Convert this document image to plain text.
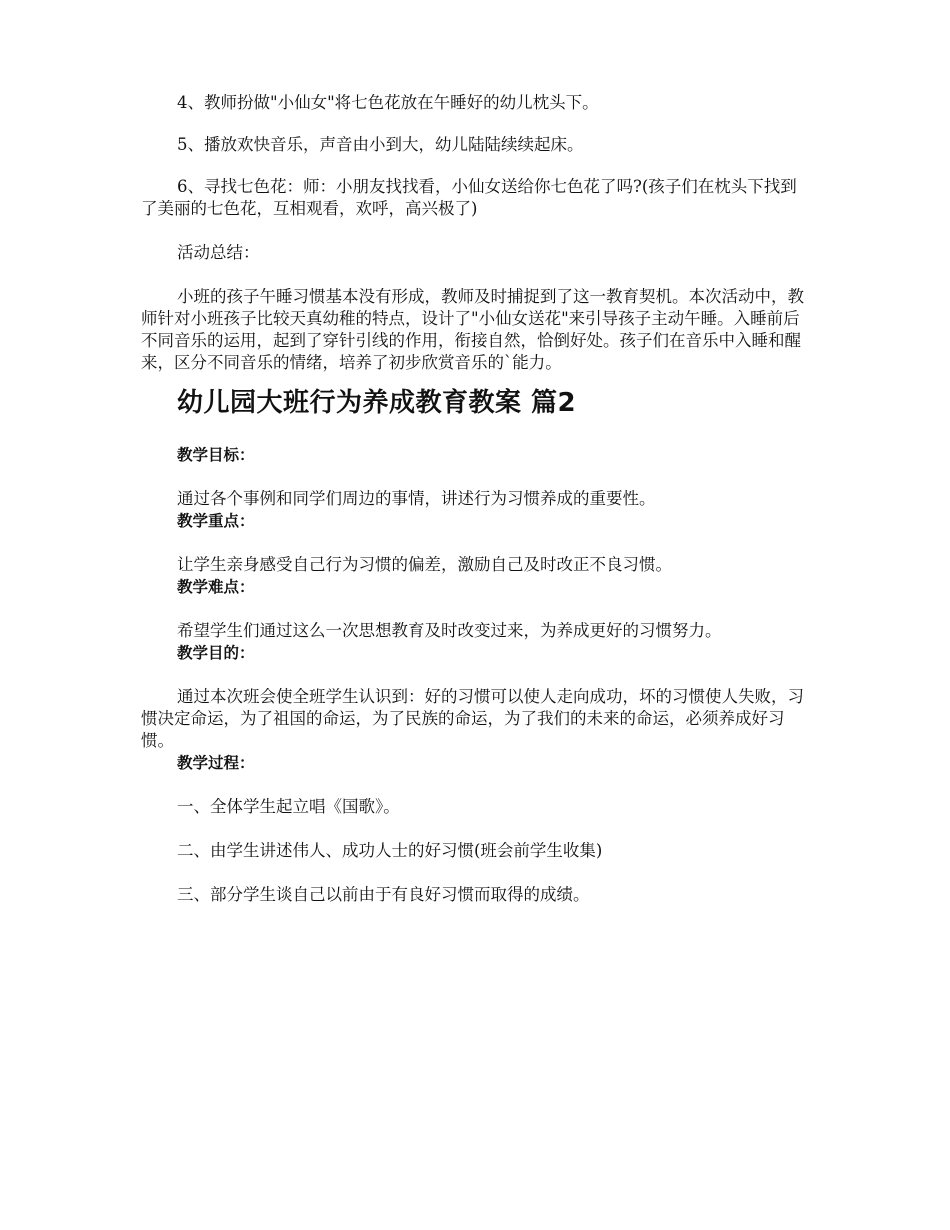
4、教师扮做"小仙女"将七色花放在午睡好的幼儿枕头下。

5、播放欢快音乐，声音由小到大，幼儿陆陆续续起床。

6、寻找七色花：师：小朋友找找看，小仙女送给你七色花了吗?(孩子们在枕头下找到了美丽的七色花，互相观看，欢呼，高兴极了)

活动总结：

小班的孩子午睡习惯基本没有形成，教师及时捕捉到了这一教育契机。本次活动中，教师针对小班孩子比较天真幼稚的特点，设计了"小仙女送花"来引导孩子主动午睡。入睡前后不同音乐的运用，起到了穿针引线的作用，衔接自然，恰倒好处。孩子们在音乐中入睡和醒来，区分不同音乐的情绪，培养了初步欣赏音乐的`能力。

幼儿园大班行为养成教育教案 篇2

教学目标：

通过各个事例和同学们周边的事情，讲述行为习惯养成的重要性。

教学重点：

让学生亲身感受自己行为习惯的偏差，激励自己及时改正不良习惯。

教学难点：

希望学生们通过这么一次思想教育及时改变过来，为养成更好的习惯努力。

教学目的：

通过本次班会使全班学生认识到：好的习惯可以使人走向成功，坏的习惯使人失败，习惯决定命运，为了祖国的命运，为了民族的命运，为了我们的未来的命运，必须养成好习惯。

教学过程：

一、全体学生起立唱《国歌》。

二、由学生讲述伟人、成功人士的好习惯(班会前学生收集)

三、部分学生谈自己以前由于有良好习惯而取得的成绩。
